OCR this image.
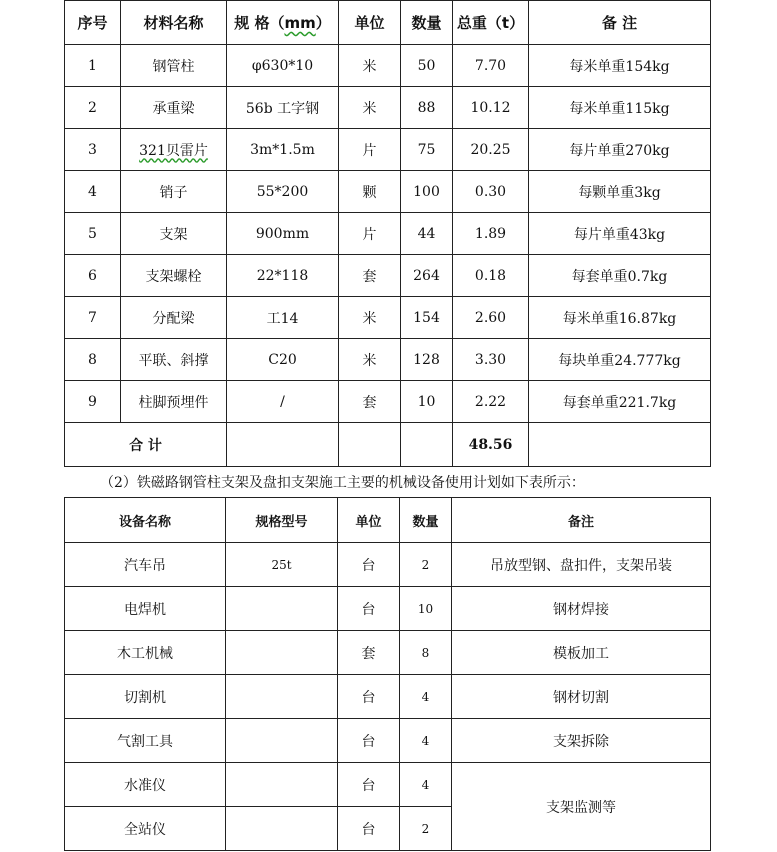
序号	材料名称	规 格（mm）	单位	数量	总重（t）	备 注
1	钢管柱	φ630*10	米	50	7.70	每米单重154kg
2	承重梁	56b 工字钢	米	88	10.12	每米单重115kg
3	321贝雷片	3m*1.5m	片	75	20.25	每片单重270kg
4	销子	55*200	颗	100	0.30	每颗单重3kg
5	支架	900mm	片	44	1.89	每片单重43kg
6	支架螺栓	22*118	套	264	0.18	每套单重0.7kg
7	分配梁	工14	米	154	2.60	每米单重16.87kg
8	平联、斜撑	C20	米	128	3.30	每块单重24.777kg
9	柱脚预埋件	/	套	10	2.22	每套单重221.7kg
合 计					48.56	
（2）铁磁路钢管柱支架及盘扣支架施工主要的机械设备使用计划如下表所示：
设备名称	规格型号	单位	数量	备注
汽车吊	25t	台	2	吊放型钢、盘扣件，支架吊装
电焊机		台	10	钢材焊接
木工机械		套	8	模板加工
切割机		台	4	钢材切割
气割工具		台	4	支架拆除
水准仪		台	4	支架监测等
全站仪		台	2	
